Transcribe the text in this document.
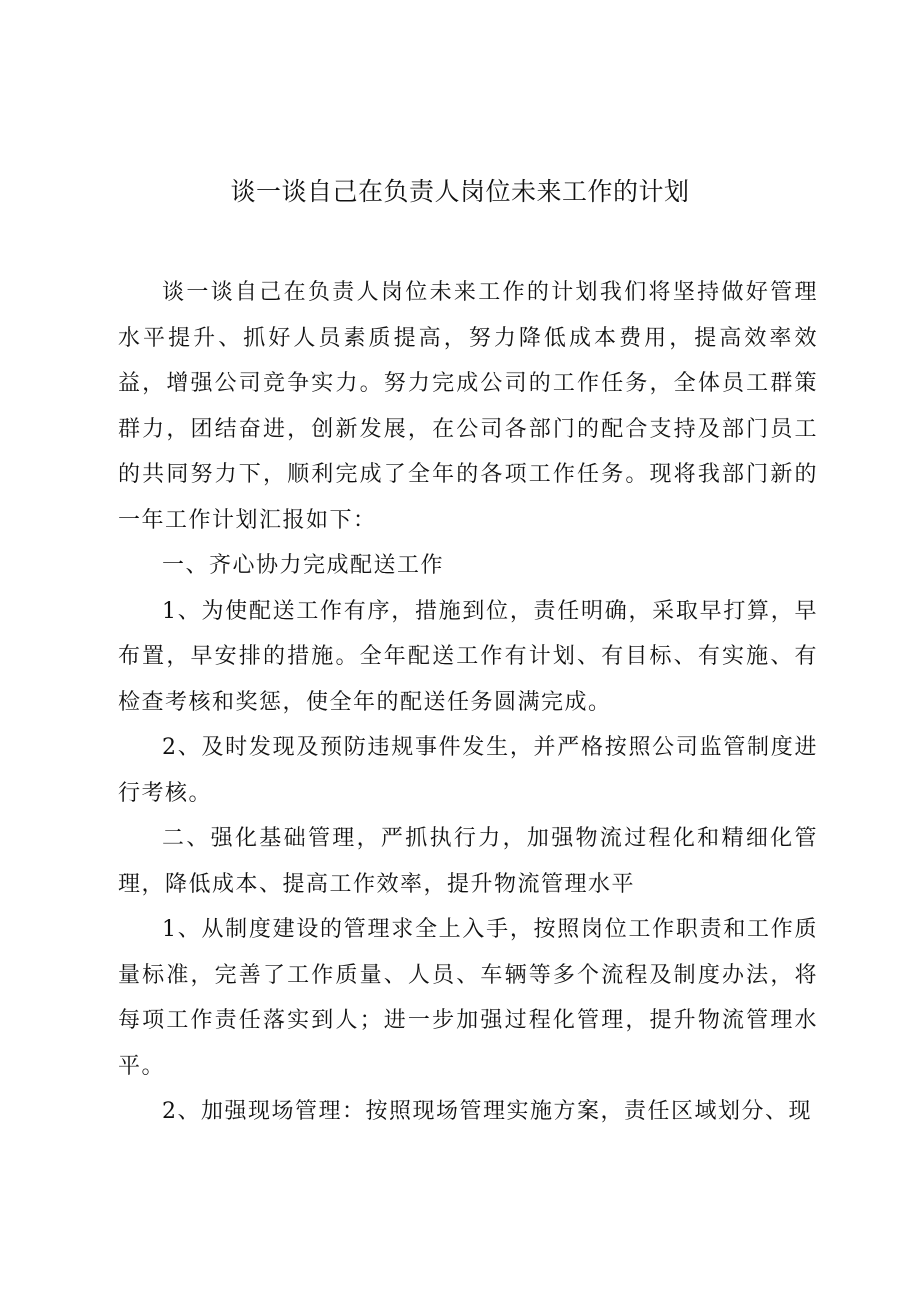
谈一谈自己在负责人岗位未来工作的计划

谈一谈自己在负责人岗位未来工作的计划我们将坚持做好管理水平提升、抓好人员素质提高，努力降低成本费用，提高效率效益，增强公司竞争实力。努力完成公司的工作任务，全体员工群策群力，团结奋进，创新发展，在公司各部门的配合支持及部门员工的共同努力下，顺利完成了全年的各项工作任务。现将我部门新的一年工作计划汇报如下：

一、齐心协力完成配送工作

1、为使配送工作有序，措施到位，责任明确，采取早打算，早布置，早安排的措施。全年配送工作有计划、有目标、有实施、有检查考核和奖惩，使全年的配送任务圆满完成。

2、及时发现及预防违规事件发生，并严格按照公司监管制度进行考核。

二、强化基础管理，严抓执行力，加强物流过程化和精细化管理，降低成本、提高工作效率，提升物流管理水平

1、从制度建设的管理求全上入手，按照岗位工作职责和工作质量标准，完善了工作质量、人员、车辆等多个流程及制度办法，将每项工作责任落实到人；进一步加强过程化管理，提升物流管理水平。

2、加强现场管理：按照现场管理实施方案，责任区域划分、现
